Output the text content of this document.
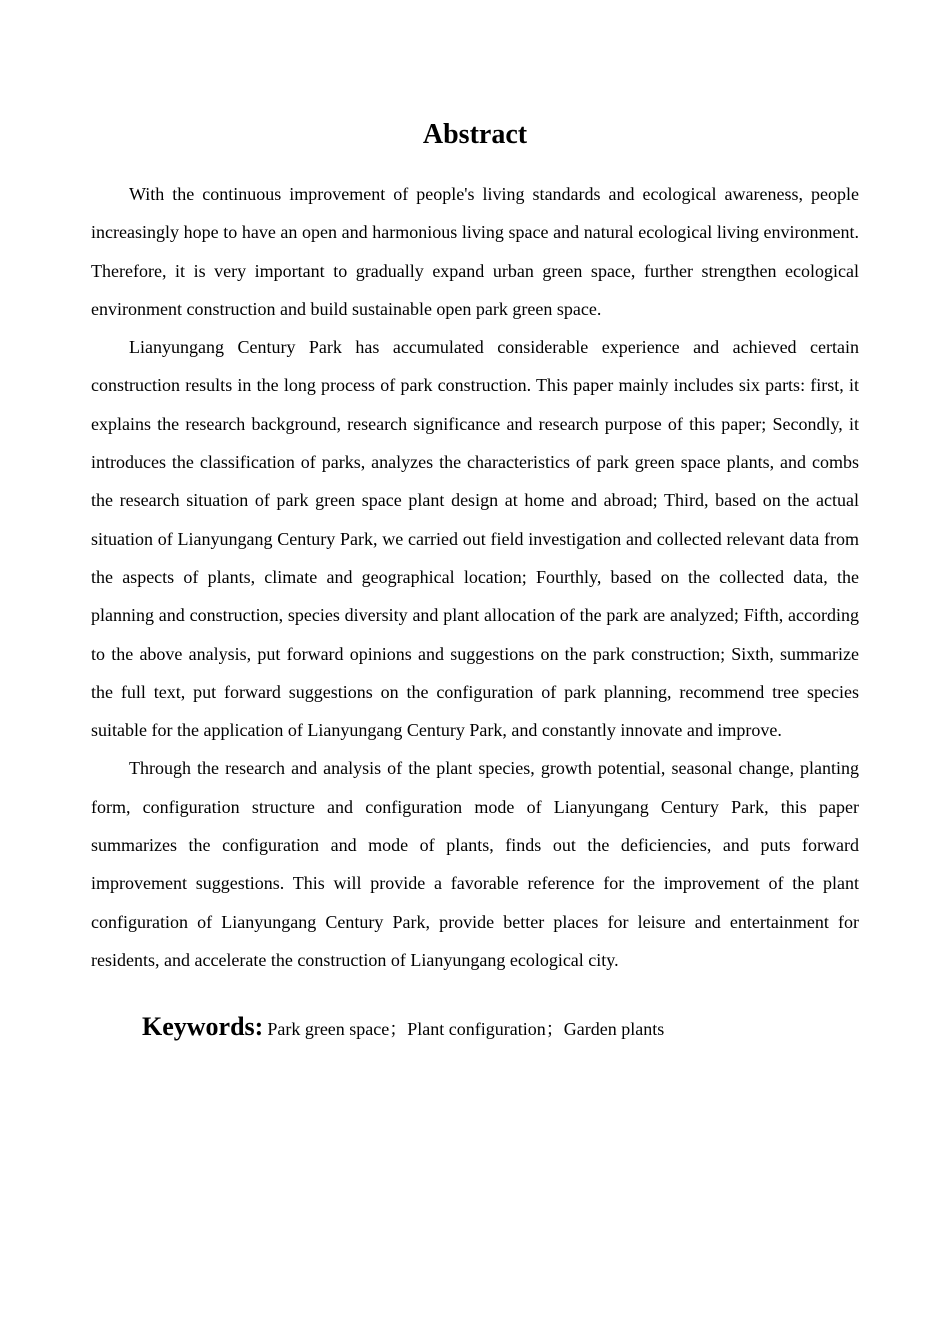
Abstract

With the continuous improvement of people's living standards and ecological awareness, people increasingly hope to have an open and harmonious living space and natural ecological living environment. Therefore, it is very important to gradually expand urban green space, further strengthen ecological environment construction and build sustainable open park green space.

Lianyungang Century Park has accumulated considerable experience and achieved certain construction results in the long process of park construction. This paper mainly includes six parts: first, it explains the research background, research significance and research purpose of this paper; Secondly, it introduces the classification of parks, analyzes the characteristics of park green space plants, and combs the research situation of park green space plant design at home and abroad; Third, based on the actual situation of Lianyungang Century Park, we carried out field investigation and collected relevant data from the aspects of plants, climate and geographical location; Fourthly, based on the collected data, the planning and construction, species diversity and plant allocation of the park are analyzed; Fifth, according to the above analysis, put forward opinions and suggestions on the park construction; Sixth, summarize the full text, put forward suggestions on the configuration of park planning, recommend tree species suitable for the application of Lianyungang Century Park, and constantly innovate and improve.

Through the research and analysis of the plant species, growth potential, seasonal change, planting form, configuration structure and configuration mode of Lianyungang Century Park, this paper summarizes the configuration and mode of plants, finds out the deficiencies, and puts forward improvement suggestions. This will provide a favorable reference for the improvement of the plant configuration of Lianyungang Century Park, provide better places for leisure and entertainment for residents, and accelerate the construction of Lianyungang ecological city.

Keywords: Park green space；Plant configuration；Garden plants
